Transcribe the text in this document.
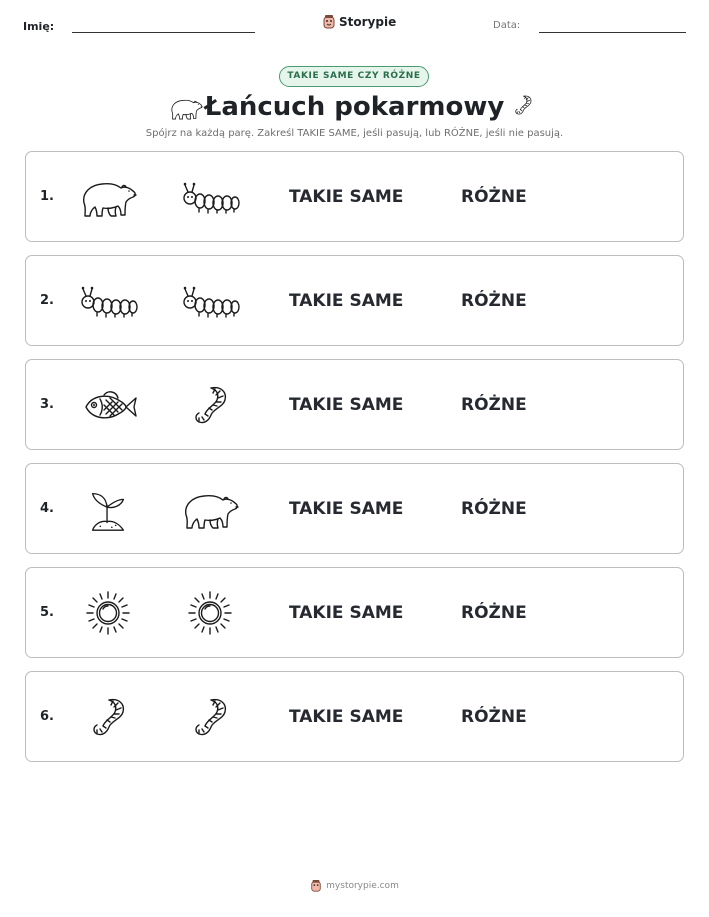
Imię:	Storypie	Data:
TAKIE SAME CZY RÓŻNE
Łańcuch pokarmowy
Spójrz na każdą parę. Zakreśl TAKIE SAME, jeśli pasują, lub RÓŻNE, jeśli nie pasują.
1.	TAKIE SAME	RÓŻNE
2.	TAKIE SAME	RÓŻNE
3.	TAKIE SAME	RÓŻNE
4.	TAKIE SAME	RÓŻNE
5.	TAKIE SAME	RÓŻNE
6.	TAKIE SAME	RÓŻNE
mystorypie.com
